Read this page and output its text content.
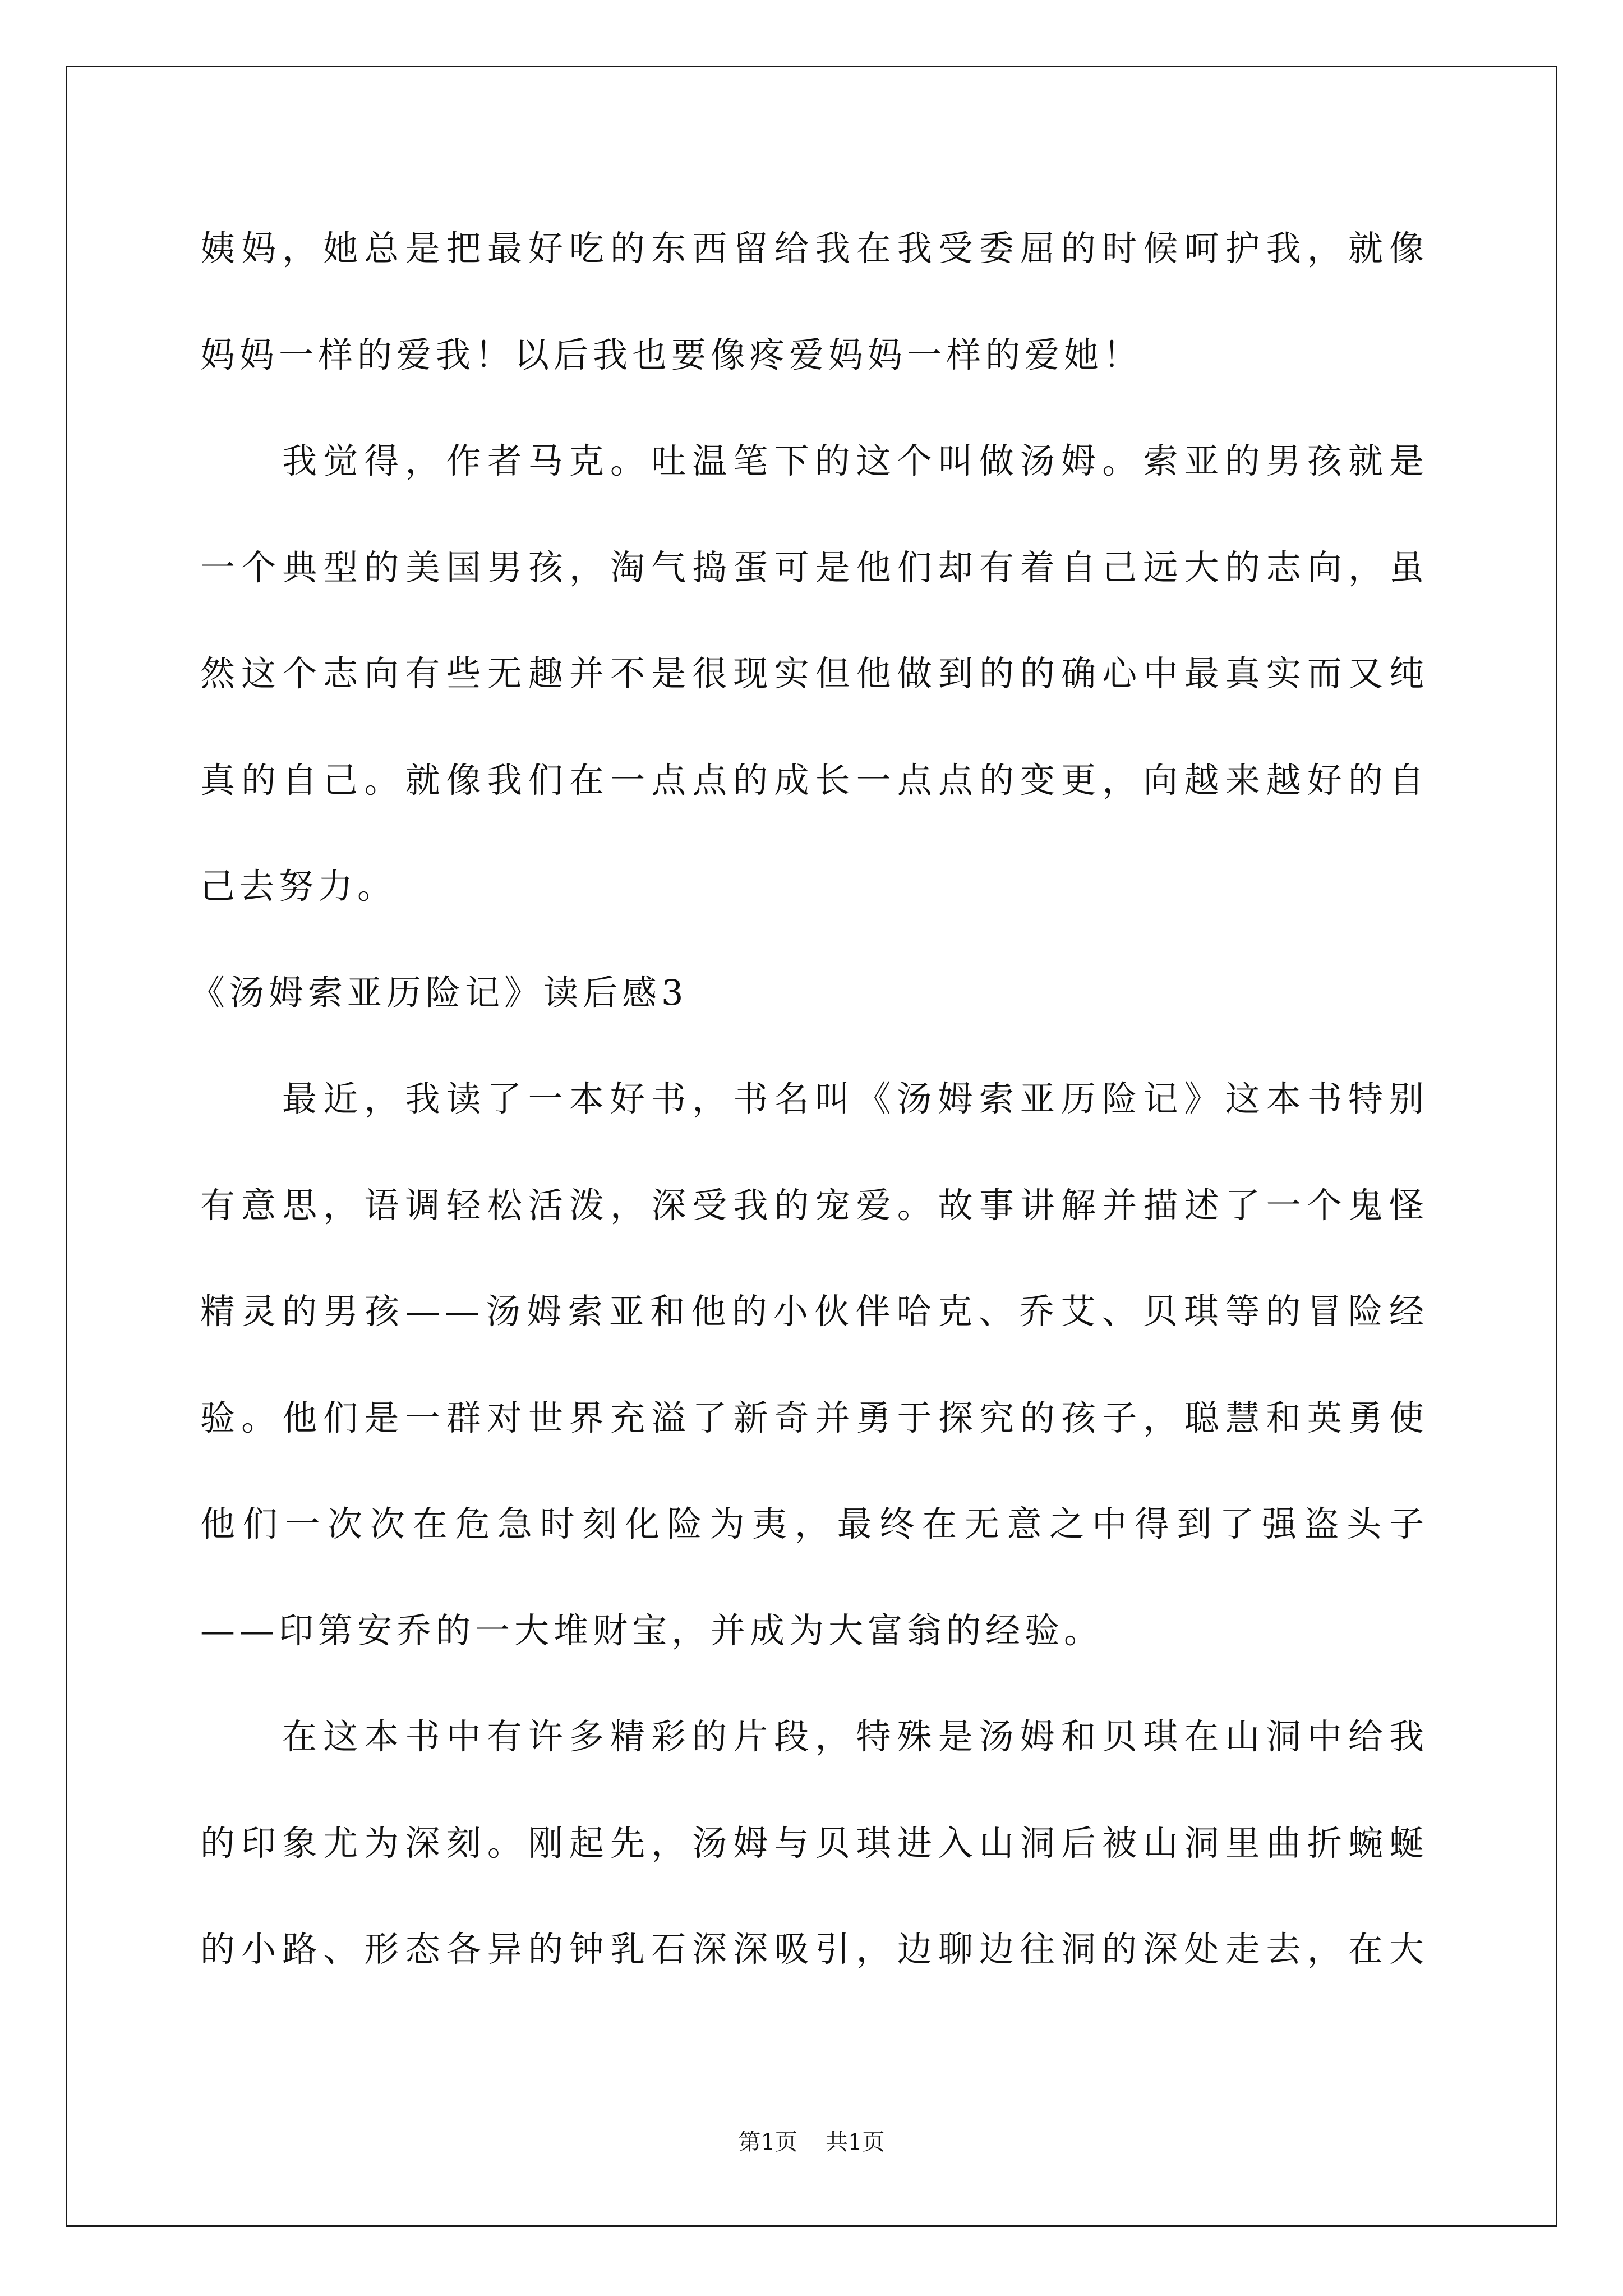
姨妈，她总是把最好吃的东西留给我在我受委屈的时候呵护我，就像
妈妈一样的爱我！以后我也要像疼爱妈妈一样的爱她！
我觉得，作者马克。吐温笔下的这个叫做汤姆。索亚的男孩就是
一个典型的美国男孩，淘气捣蛋可是他们却有着自己远大的志向，虽
然这个志向有些无趣并不是很现实但他做到的的确心中最真实而又纯
真的自己。就像我们在一点点的成长一点点的变更，向越来越好的自
己去努力。
《汤姆索亚历险记》读后感3
最近，我读了一本好书，书名叫《汤姆索亚历险记》这本书特别
有意思，语调轻松活泼，深受我的宠爱。故事讲解并描述了一个鬼怪
精灵的男孩——汤姆索亚和他的小伙伴哈克、乔艾、贝琪等的冒险经
验。他们是一群对世界充溢了新奇并勇于探究的孩子，聪慧和英勇使
他们一次次在危急时刻化险为夷，最终在无意之中得到了强盗头子
——印第安乔的一大堆财宝，并成为大富翁的经验。
在这本书中有许多精彩的片段，特殊是汤姆和贝琪在山洞中给我
的印象尤为深刻。刚起先，汤姆与贝琪进入山洞后被山洞里曲折蜿蜒
的小路、形态各异的钟乳石深深吸引，边聊边往洞的深处走去，在大
第1页 共1页
